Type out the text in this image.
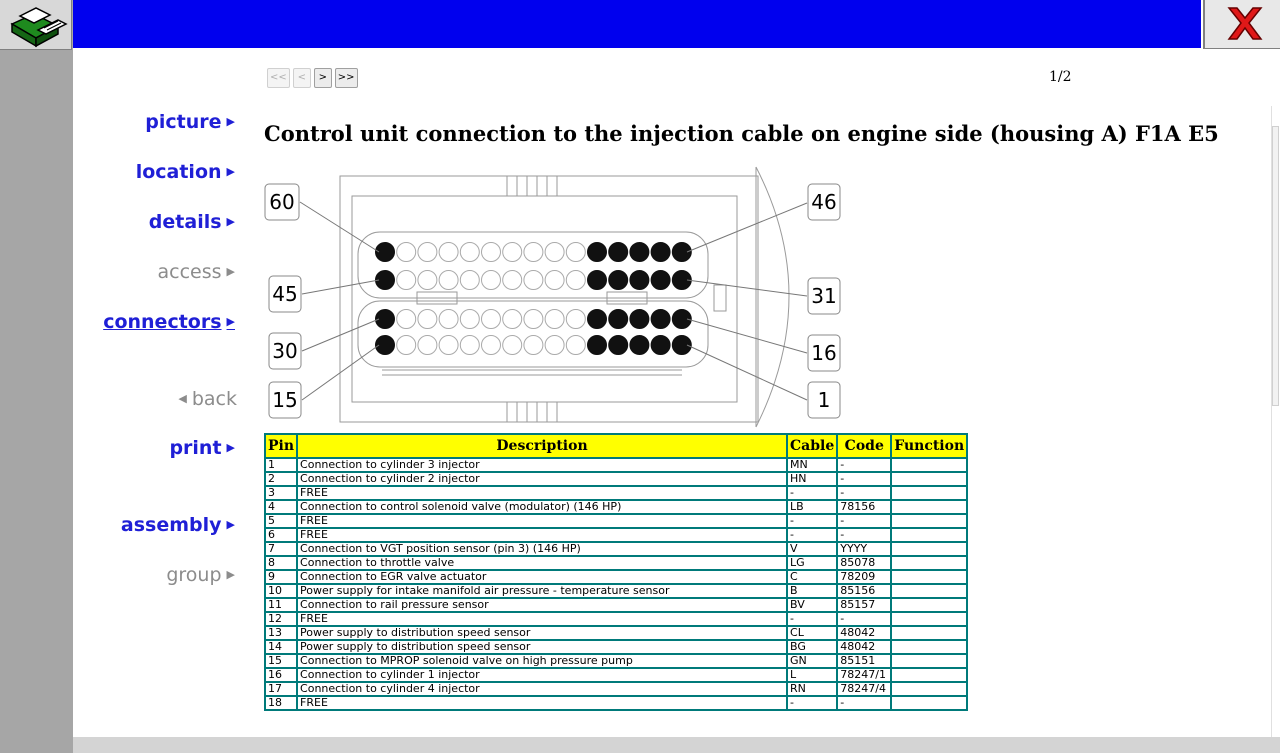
<<	<	>	>>	1/2
picture ▶
location ▶
details ▶
access ▶
connectors ▶
◀ back
print ▶
assembly ▶
group ▶
Control unit connection to the injection cable on engine side (housing A) F1A E5
60
45
30
15
46
31
16
1
Pin	Description	Cable	Code	Function
1	Connection to cylinder 3 injector	MN	-	
2	Connection to cylinder 2 injector	HN	-	
3	FREE	-	-	
4	Connection to control solenoid valve (modulator) (146 HP)	LB	78156	
5	FREE	-	-	
6	FREE	-	-	
7	Connection to VGT position sensor (pin 3) (146 HP)	V	YYYY	
8	Connection to throttle valve	LG	85078	
9	Connection to EGR valve actuator	C	78209	
10	Power supply for intake manifold air pressure - temperature sensor	B	85156	
11	Connection to rail pressure sensor	BV	85157	
12	FREE	-	-	
13	Power supply to distribution speed sensor	CL	48042	
14	Power supply to distribution speed sensor	BG	48042	
15	Connection to MPROP solenoid valve on high pressure pump	GN	85151	
16	Connection to cylinder 1 injector	L	78247/1	
17	Connection to cylinder 4 injector	RN	78247/4	
18	FREE	-	-	
